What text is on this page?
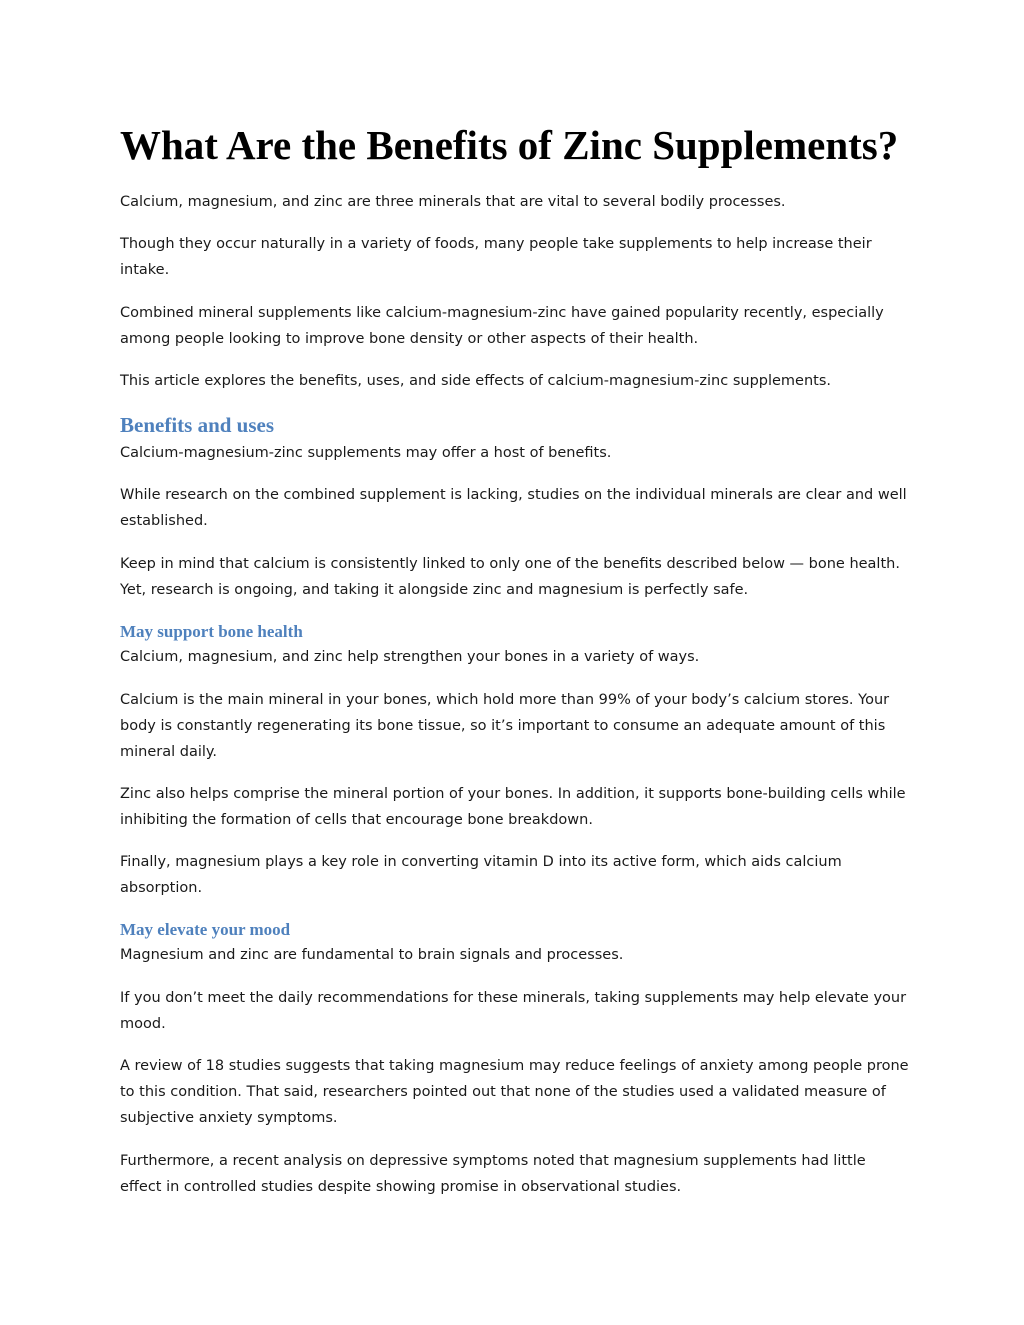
What Are the Benefits of Zinc Supplements?

Calcium, magnesium, and zinc are three minerals that are vital to several bodily processes.

Though they occur naturally in a variety of foods, many people take supplements to help increase their intake.

Combined mineral supplements like calcium-magnesium-zinc have gained popularity recently, especially among people looking to improve bone density or other aspects of their health.

This article explores the benefits, uses, and side effects of calcium-magnesium-zinc supplements.

Benefits and uses

Calcium-magnesium-zinc supplements may offer a host of benefits.

While research on the combined supplement is lacking, studies on the individual minerals are clear and well established.

Keep in mind that calcium is consistently linked to only one of the benefits described below — bone health. Yet, research is ongoing, and taking it alongside zinc and magnesium is perfectly safe.

May support bone health

Calcium, magnesium, and zinc help strengthen your bones in a variety of ways.

Calcium is the main mineral in your bones, which hold more than 99% of your body’s calcium stores. Your body is constantly regenerating its bone tissue, so it’s important to consume an adequate amount of this mineral daily.

Zinc also helps comprise the mineral portion of your bones. In addition, it supports bone-building cells while inhibiting the formation of cells that encourage bone breakdown.

Finally, magnesium plays a key role in converting vitamin D into its active form, which aids calcium absorption.

May elevate your mood

Magnesium and zinc are fundamental to brain signals and processes.

If you don’t meet the daily recommendations for these minerals, taking supplements may help elevate your mood.

A review of 18 studies suggests that taking magnesium may reduce feelings of anxiety among people prone to this condition. That said, researchers pointed out that none of the studies used a validated measure of subjective anxiety symptoms.

Furthermore, a recent analysis on depressive symptoms noted that magnesium supplements had little effect in controlled studies despite showing promise in observational studies.
